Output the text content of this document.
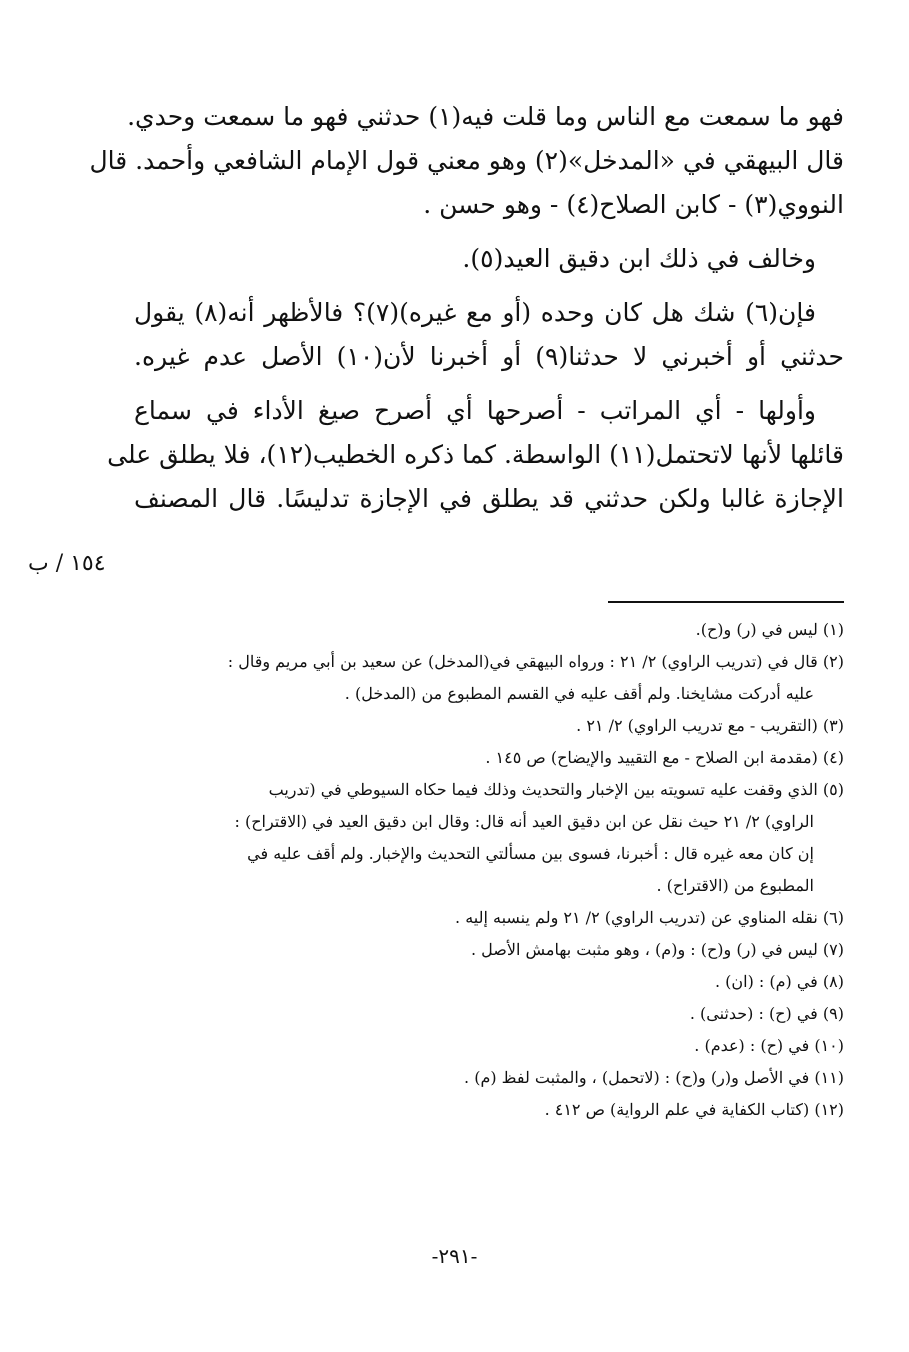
فهو ما سمعت مع الناس وما قلت فيه(١) حدثني فهو ما سمعت وحدي.
قال البيهقي في «المدخل»(٢) وهو معني قول الإمام الشافعي وأحمد. قال
النووي(٣) - كابن الصلاح(٤) - وهو حسن .
وخالف في ذلك ابن دقيق العيد(٥).
فإن(٦) شك هل كان وحده (أو مع غيره)(٧)؟ فالأظهر أنه(٨) يقول
حدثني أو أخبرني لا حدثنا(٩) أو أخبرنا لأن(١٠) الأصل عدم غيره.
وأولها - أي المراتب - أصرحها أي أصرح صيغ الأداء في سماع
قائلها لأنها لاتحتمل(١١) الواسطة. كما ذكره الخطيب(١٢)، فلا يطلق على
الإجازة غالبا ولكن حدثني قد يطلق في الإجازة تدليسًا. قال المصنف
١٥٤ / ب
(١) ليس في (ر) و(ح).
(٢) قال في (تدريب الراوي) ٢/ ٢١ : ورواه البيهقي في(المدخل) عن سعيد بن أبي مريم وقال :
عليه أدركت مشايخنا. ولم أقف عليه في القسم المطبوع من (المدخل) .
(٣) (التقريب - مع تدريب الراوي) ٢/ ٢١ .
(٤) (مقدمة ابن الصلاح - مع التقييد والإيضاح) ص ١٤٥ .
(٥) الذي وقفت عليه تسويته بين الإخبار والتحديث وذلك فيما حكاه السيوطي في (تدريب
الراوي) ٢/ ٢١ حيث نقل عن ابن دقيق العيد أنه قال: وقال ابن دقيق العيد في (الاقتراح) :
إن كان معه غيره قال : أخبرنا، فسوى بين مسألتي التحديث والإخبار. ولم أقف عليه في
المطبوع من (الاقتراح) .
(٦) نقله المناوي عن (تدريب الراوي) ٢/ ٢١ ولم ينسبه إليه .
(٧) ليس في (ر) و(ح) : و(م) ، وهو مثبت بهامش الأصل .
(٨) في (م) : (ان) .
(٩) في (ح) : (حدثنى) .
(١٠) في (ح) : (عدم) .
(١١) في الأصل و(ر) و(ح) : (لاتحمل) ، والمثبت لفظ (م) .
(١٢) (كتاب الكفاية في علم الرواية) ص ٤١٢ .
-٢٩١-
